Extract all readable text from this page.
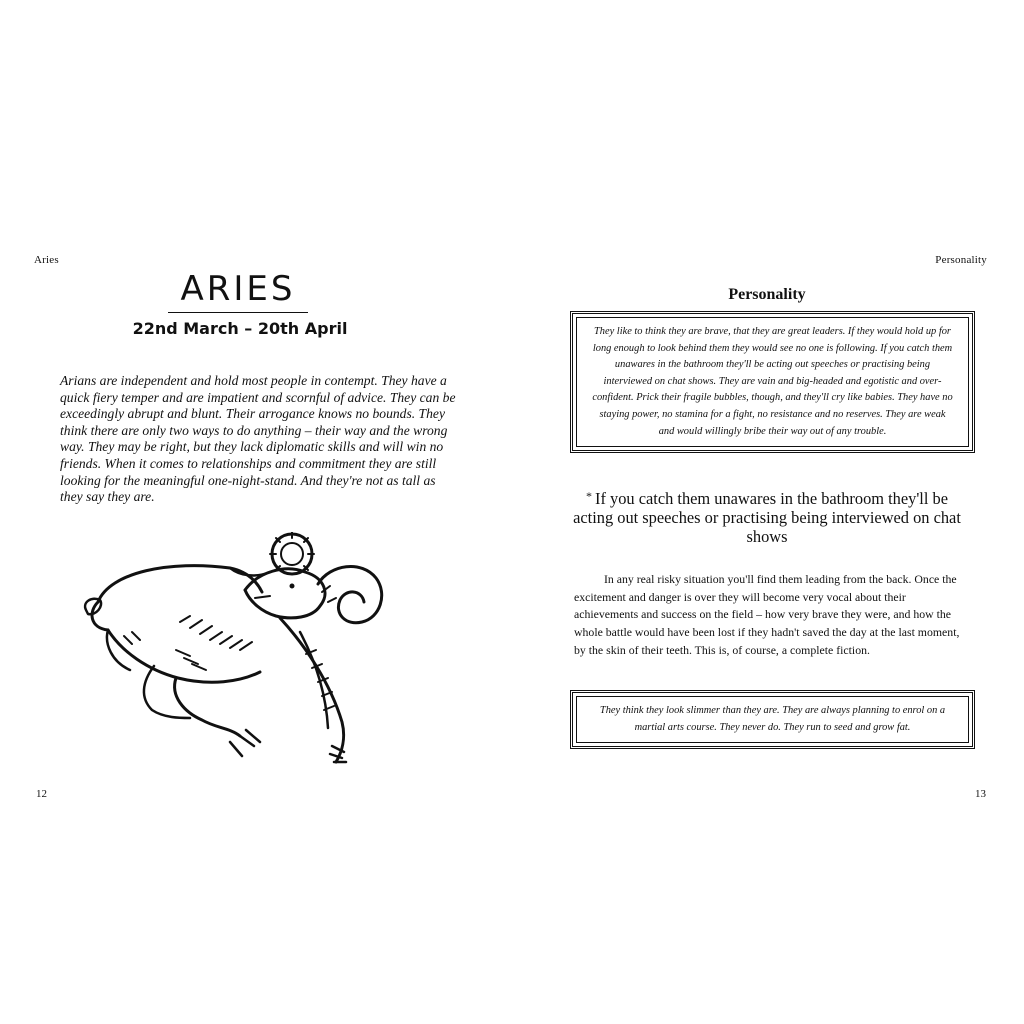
Aries
ARIES
22nd March – 20th April

Arians are independent and hold most people in contempt. They have a quick fiery temper and are impatient and scornful of advice. They can be exceedingly abrupt and blunt. Their arrogance knows no bounds. They think there are only two ways to do anything – their way and the wrong way. They may be right, but they lack diplomatic skills and will win no friends. When it comes to relationships and commitment they are still looking for the meaningful one-night-stand. And they're not as tall as they say they are.

12
Personality
Personality

They like to think they are brave, that they are great leaders. If they would hold up for long enough to look behind them they would see no one is following. If you catch them unawares in the bathroom they'll be acting out speeches or practising being interviewed on chat shows. They are vain and big-headed and egotistic and over-confident. Prick their fragile bubbles, though, and they'll cry like babies. They have no staying power, no stamina for a fight, no resistance and no reserves. They are weak and would willingly bribe their way out of any trouble.

* If you catch them unawares in the bathroom they'll be acting out speeches or practising being interviewed on chat shows

In any real risky situation you'll find them leading from the back. Once the excitement and danger is over they will become very vocal about their achievements and success on the field – how very brave they were, and how the whole battle would have been lost if they hadn't saved the day at the last moment, by the skin of their teeth. This is, of course, a complete fiction.

They think they look slimmer than they are. They are always planning to enrol on a martial arts course. They never do. They run to seed and grow fat.

13
